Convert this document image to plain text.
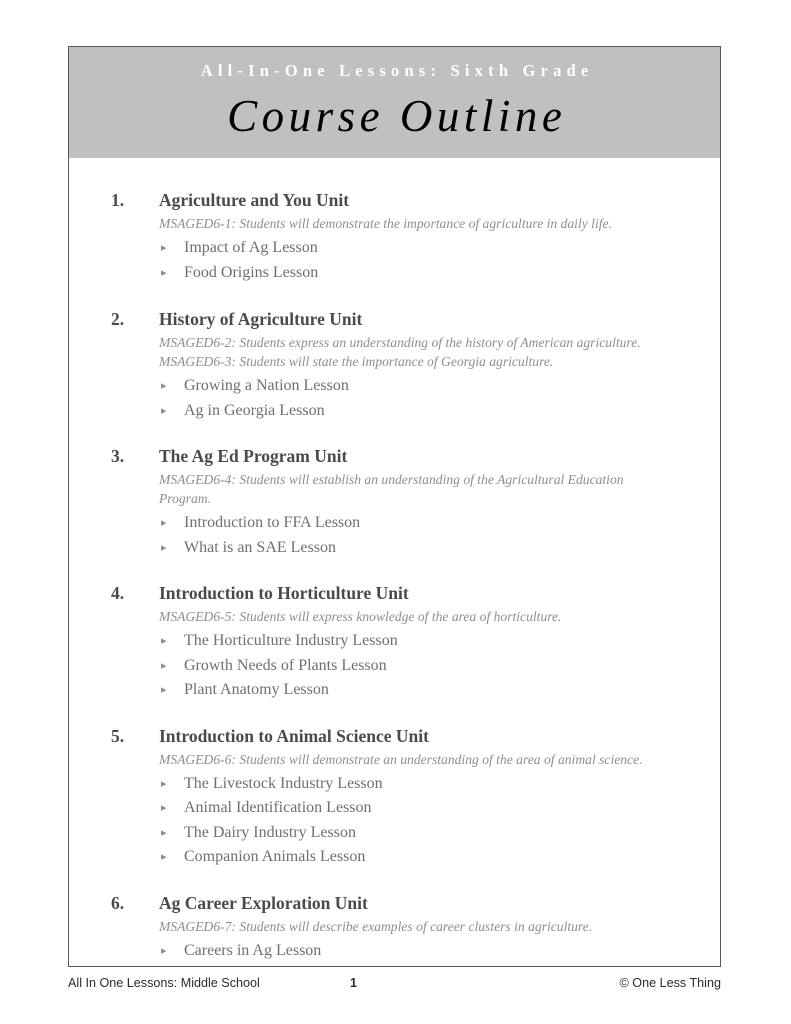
All-In-One Lessons: Sixth Grade
Course Outline
1.	Agriculture and You Unit
MSAGED6-1: Students will demonstrate the importance of agriculture in daily life.
▸ Impact of Ag Lesson
▸ Food Origins Lesson
2.	History of Agriculture Unit
MSAGED6-2: Students express an understanding of the history of American agriculture.
MSAGED6-3: Students will state the importance of Georgia agriculture.
▸ Growing a Nation Lesson
▸ Ag in Georgia Lesson
3.	The Ag Ed Program Unit
MSAGED6-4: Students will establish an understanding of the Agricultural Education Program.
▸ Introduction to FFA Lesson
▸ What is an SAE Lesson
4.	Introduction to Horticulture Unit
MSAGED6-5: Students will express knowledge of the area of horticulture.
▸ The Horticulture Industry Lesson
▸ Growth Needs of Plants Lesson
▸ Plant Anatomy Lesson
5.	Introduction to Animal Science Unit
MSAGED6-6: Students will demonstrate an understanding of the area of animal science.
▸ The Livestock Industry Lesson
▸ Animal Identification Lesson
▸ The Dairy Industry Lesson
▸ Companion Animals Lesson
6.	Ag Career Exploration Unit
MSAGED6-7: Students will describe examples of career clusters in agriculture.
▸ Careers in Ag Lesson
All In One Lessons: Middle School	1	© One Less Thing
